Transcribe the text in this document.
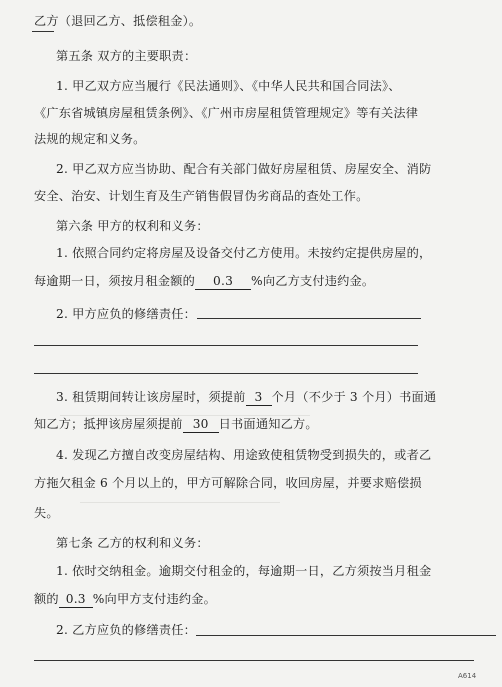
乙方（退回乙方、抵偿租金）。
第五条 双方的主要职责：
1. 甲乙双方应当履行《民法通则》、《中华人民共和国合同法》、
《广东省城镇房屋租赁条例》、《广州市房屋租赁管理规定》等有关法律
法规的规定和义务。
2. 甲乙双方应当协助、配合有关部门做好房屋租赁、房屋安全、消防
安全、治安、计划生育及生产销售假冒伪劣商品的查处工作。
第六条 甲方的权利和义务：
1. 依照合同约定将房屋及设备交付乙方使用。未按约定提供房屋的，
每逾期一日，须按月租金额的 0.3 %向乙方支付违约金。
2. 甲方应负的修缮责任：
3. 租赁期间转让该房屋时，须提前 3 个月（不少于 3 个月）书面通
知乙方；抵押该房屋须提前 30 日书面通知乙方。
4. 发现乙方擅自改变房屋结构、用途致使租赁物受到损失的，或者乙
方拖欠租金 6 个月以上的，甲方可解除合同，收回房屋，并要求赔偿损
失。
第七条 乙方的权利和义务：
1. 依时交纳租金。逾期交付租金的，每逾期一日，乙方须按当月租金
额的 0.3 %向甲方支付违约金。
2. 乙方应负的修缮责任：
A614
